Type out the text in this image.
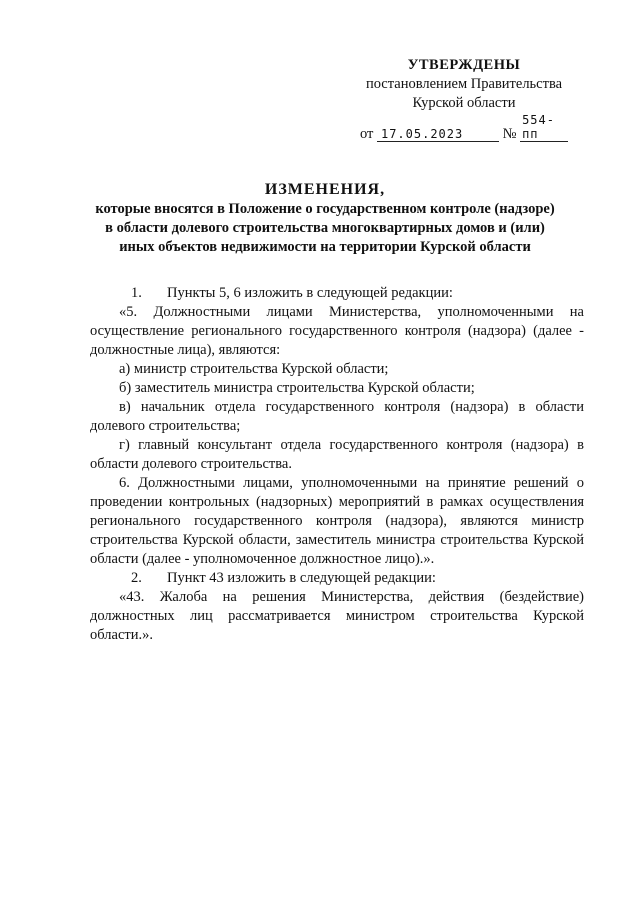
УТВЕРЖДЕНЫ
постановлением Правительства
Курской области
от 17.05.2023	№ 554-пп
ИЗМЕНЕНИЯ,
которые вносятся в Положение о государственном контроле (надзоре)
в области долевого строительства многоквартирных домов и (или)
иных объектов недвижимости на территории Курской области

1. Пункты 5, 6 изложить в следующей редакции:

«5. Должностными лицами Министерства, уполномоченными на осуществление регионального государственного контроля (надзора) (далее - должностные лица), являются:

а) министр строительства Курской области;

б) заместитель министра строительства Курской области;

в) начальник отдела государственного контроля (надзора) в области долевого строительства;

г) главный консультант отдела государственного контроля (надзора) в области долевого строительства.

6. Должностными лицами, уполномоченными на принятие решений о проведении контрольных (надзорных) мероприятий в рамках осуществления регионального государственного контроля (надзора), являются министр строительства Курской области, заместитель министра строительства Курской области (далее - уполномоченное должностное лицо).».

2. Пункт 43 изложить в следующей редакции:

«43. Жалоба на решения Министерства, действия (бездействие) должностных лиц рассматривается министром строительства Курской области.».
